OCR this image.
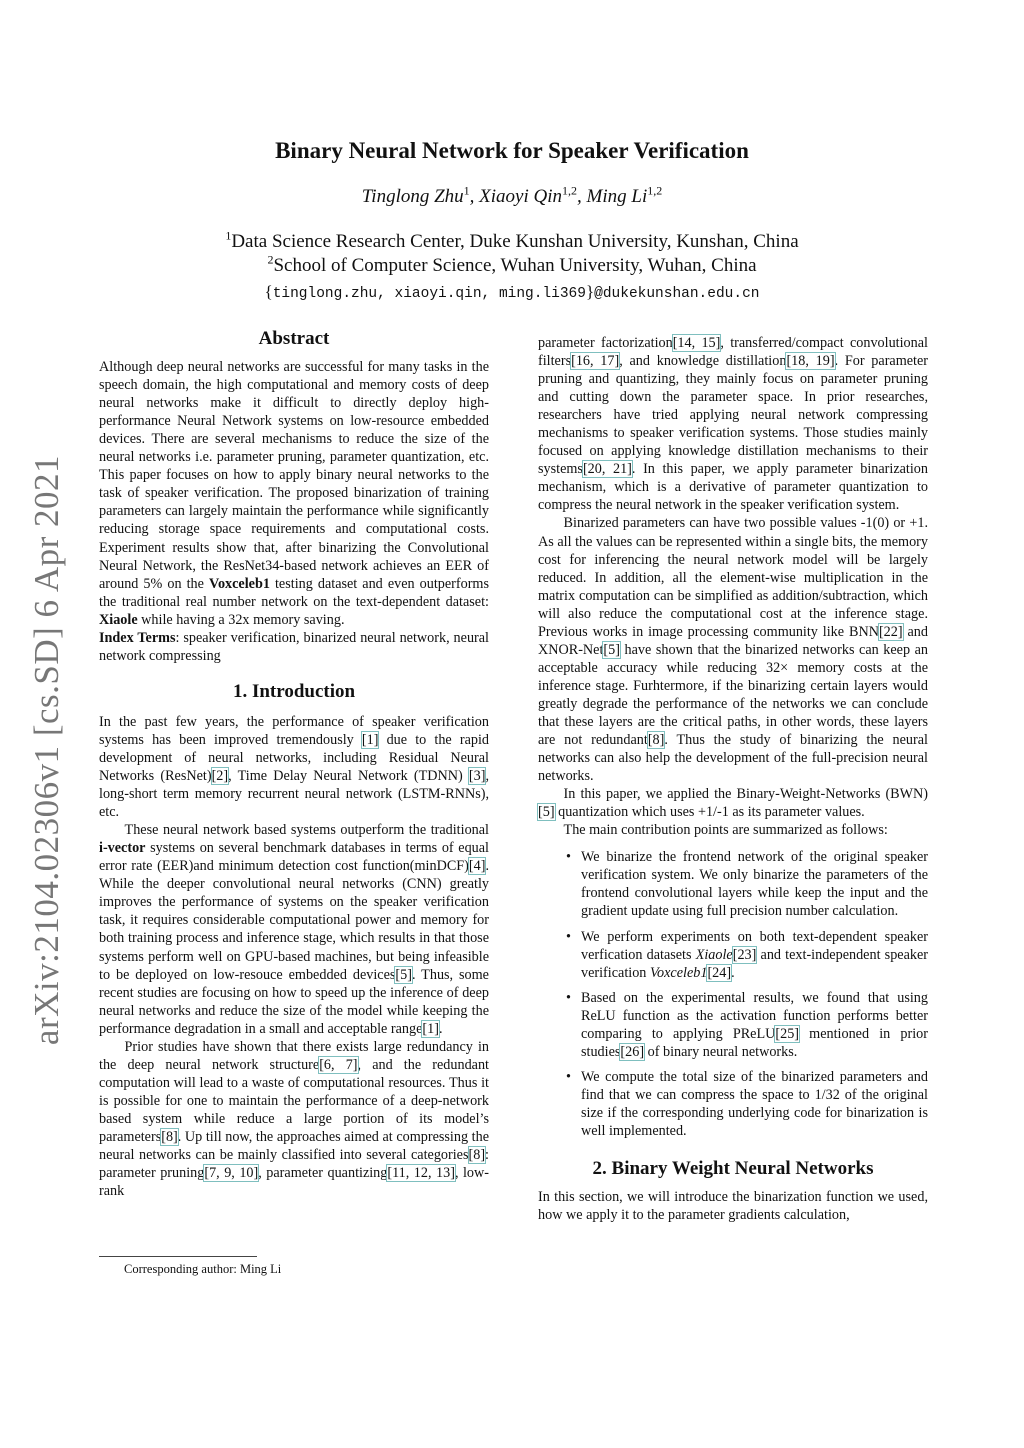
arXiv:2104.02306v1 [cs.SD] 6 Apr 2021
Binary Neural Network for Speaker Verification
Tinglong Zhu$^1$, Xiaoyi Qin$^{1,2}$, Ming Li$^{1,2}$
$^1$Data Science Research Center, Duke Kunshan University, Kunshan, China
$^2$School of Computer Science, Wuhan University, Wuhan, China
{tinglong.zhu, xiaoyi.qin, ming.li369}@dukekunshan.edu.cn
Abstract

Although deep neural networks are successful for many tasks in the speech domain, the high computational and memory costs of deep neural networks make it difficult to directly deploy high-performance Neural Network systems on low-resource embedded devices. There are several mechanisms to reduce the size of the neural networks i.e. parameter pruning, parameter quantization, etc. This paper focuses on how to apply binary neural networks to the task of speaker verification. The proposed binarization of training parameters can largely maintain the performance while significantly reducing storage space requirements and computational costs. Experiment results show that, after binarizing the Convolutional Neural Network, the ResNet34-based network achieves an EER of around 5% on the Voxceleb1 testing dataset and even outperforms the traditional real number network on the text-dependent dataset: Xiaole while having a 32x memory saving.

Index Terms: speaker verification, binarized neural network, neural network compressing

1. Introduction

In the past few years, the performance of speaker verification systems has been improved tremendously [1] due to the rapid development of neural networks, including Residual Neural Networks (ResNet)[2], Time Delay Neural Network (TDNN) [3], long-short term memory recurrent neural network (LSTM-RNNs), etc.

These neural network based systems outperform the traditional i-vector systems on several benchmark databases in terms of equal error rate (EER)and minimum detection cost function(minDCF)[4]. While the deeper convolutional neural networks (CNN) greatly improves the performance of systems on the speaker verification task, it requires considerable computational power and memory for both training process and inference stage, which results in that those systems perform well on GPU-based machines, but being infeasible to be deployed on low-resouce embedded devices[5]. Thus, some recent studies are focusing on how to speed up the inference of deep neural networks and reduce the size of the model while keeping the performance degradation in a small and acceptable range[1].

Prior studies have shown that there exists large redundancy in the deep neural network structure[6, 7], and the redundant computation will lead to a waste of computational resources. Thus it is possible for one to maintain the performance of a deep-network based system while reduce a large portion of its model’s parameters[8]. Up till now, the approaches aimed at compressing the neural networks can be mainly classified into several categories[8]: parameter pruning[7, 9, 10], parameter quantizing[11, 12, 13], low-rank

parameter factorization[14, 15], transferred/compact convolutional filters[16, 17], and knowledge distillation[18, 19]. For parameter pruning and quantizing, they mainly focus on parameter pruning and cutting down the parameter space. In prior researches, researchers have tried applying neural network compressing mechanisms to speaker verification systems. Those studies mainly focused on applying knowledge distillation mechanisms to their systems[20, 21]. In this paper, we apply parameter binarization mechanism, which is a derivative of parameter quantization to compress the neural network in the speaker verification system.

Binarized parameters can have two possible values -1(0) or +1. As all the values can be represented within a single bits, the memory cost for inferencing the neural network model will be largely reduced. In addition, all the element-wise multiplication in the matrix computation can be simplified as addition/subtraction, which will also reduce the computational cost at the inference stage. Previous works in image processing community like BNN[22] and XNOR-Net[5] have shown that the binarized networks can keep an acceptable accuracy while reducing 32× memory costs at the inference stage. Furhtermore, if the binarizing certain layers would greatly degrade the performance of the networks we can conclude that these layers are the critical paths, in other words, these layers are not redundant[8]. Thus the study of binarizing the neural networks can also help the development of the full-precision neural networks.

In this paper, we applied the Binary-Weight-Networks (BWN)[5] quantization which uses +1/-1 as its parameter values.

The main contribution points are summarized as follows:

• We binarize the frontend network of the original speaker verification system. We only binarize the parameters of the frontend convolutional layers while keep the input and the gradient update using full precision number calculation.
• We perform experiments on both text-dependent speaker verfication datasets Xiaole[23] and text-independent speaker verification Voxceleb1[24].
• Based on the experimental results, we found that using ReLU function as the activation function performs better comparing to applying PReLU[25] mentioned in prior studies[26] of binary neural networks.
• We compute the total size of the binarized parameters and find that we can compress the space to 1/32 of the original size if the corresponding underlying code for binarization is well implemented.
2. Binary Weight Neural Networks

In this section, we will introduce the binarization function we used, how we apply it to the parameter gradients calculation,

Corresponding author: Ming Li
